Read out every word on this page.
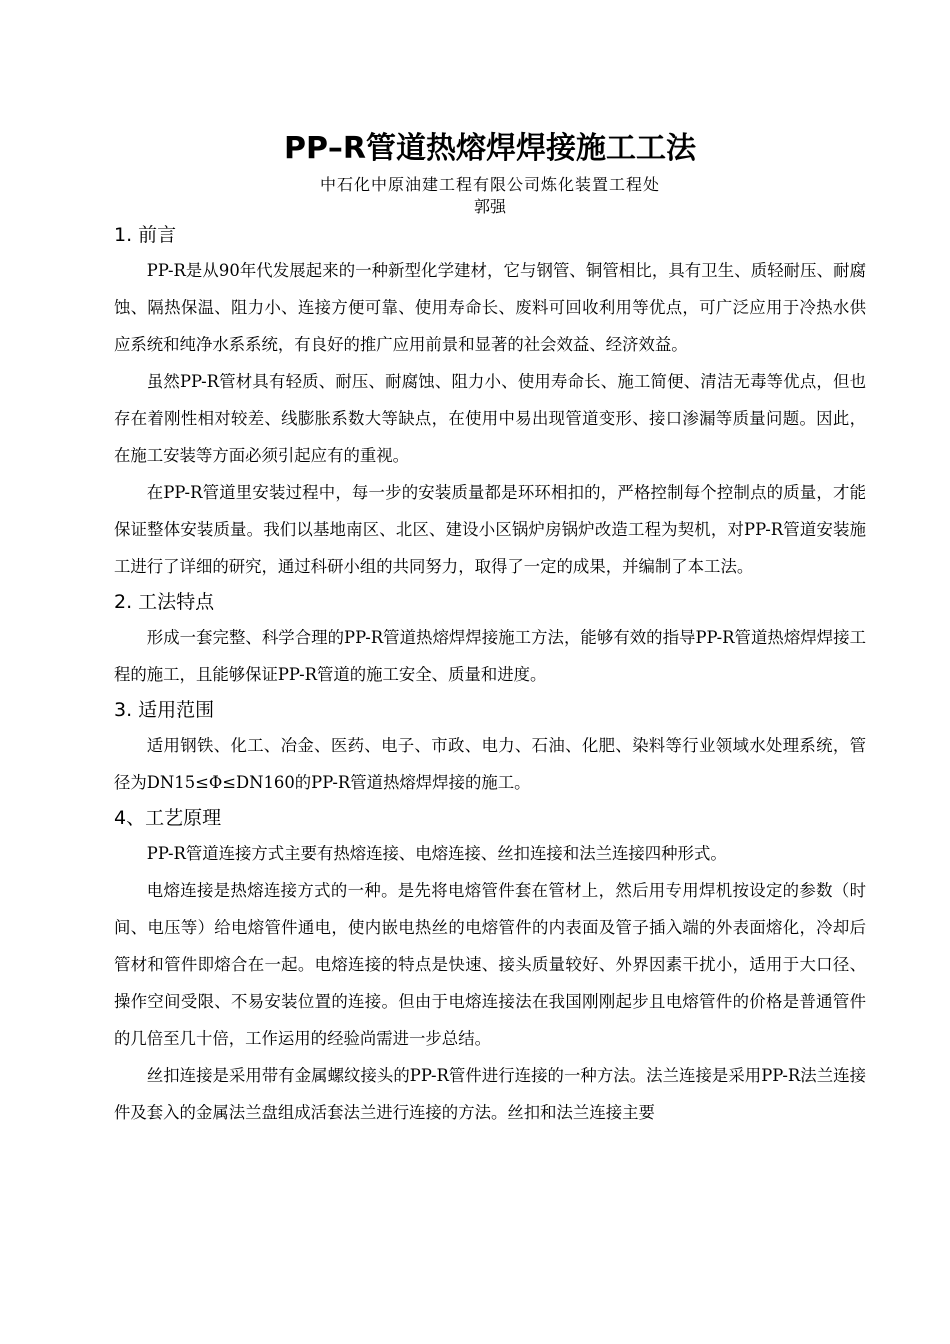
PP–R管道热熔焊焊接施工工法
中石化中原油建工程有限公司炼化装置工程处
郭强
1. 前言

PP-R是从90年代发展起来的一种新型化学建材，它与钢管、铜管相比，具有卫生、质轻耐压、耐腐蚀、隔热保温、阻力小、连接方便可靠、使用寿命长、废料可回收利用等优点，可广泛应用于冷热水供应系统和纯净水系系统，有良好的推广应用前景和显著的社会效益、经济效益。

虽然PP-R管材具有轻质、耐压、耐腐蚀、阻力小、使用寿命长、施工简便、清洁无毒等优点，但也存在着刚性相对较差、线膨胀系数大等缺点，在使用中易出现管道变形、接口渗漏等质量问题。因此，在施工安装等方面必须引起应有的重视。

在PP-R管道里安装过程中，每一步的安装质量都是环环相扣的，严格控制每个控制点的质量，才能保证整体安装质量。我们以基地南区、北区、建设小区锅炉房锅炉改造工程为契机，对PP-R管道安装施工进行了详细的研究，通过科研小组的共同努力，取得了一定的成果，并编制了本工法。

2. 工法特点

形成一套完整、科学合理的PP-R管道热熔焊焊接施工方法，能够有效的指导PP-R管道热熔焊焊接工程的施工，且能够保证PP-R管道的施工安全、质量和进度。

3. 适用范围

适用钢铁、化工、冶金、医药、电子、市政、电力、石油、化肥、染料等行业领域水处理系统，管径为DN15≤Φ≤DN160的PP-R管道热熔焊焊接的施工。

4、工艺原理

PP-R管道连接方式主要有热熔连接、电熔连接、丝扣连接和法兰连接四种形式。

电熔连接是热熔连接方式的一种。是先将电熔管件套在管材上，然后用专用焊机按设定的参数（时间、电压等）给电熔管件通电，使内嵌电热丝的电熔管件的内表面及管子插入端的外表面熔化，冷却后管材和管件即熔合在一起。电熔连接的特点是快速、接头质量较好、外界因素干扰小，适用于大口径、操作空间受限、不易安装位置的连接。但由于电熔连接法在我国刚刚起步且电熔管件的价格是普通管件的几倍至几十倍，工作运用的经验尚需进一步总结。

丝扣连接是采用带有金属螺纹接头的PP-R管件进行连接的一种方法。法兰连接是采用PP-R法兰连接件及套入的金属法兰盘组成活套法兰进行连接的方法。丝扣和法兰连接主要
